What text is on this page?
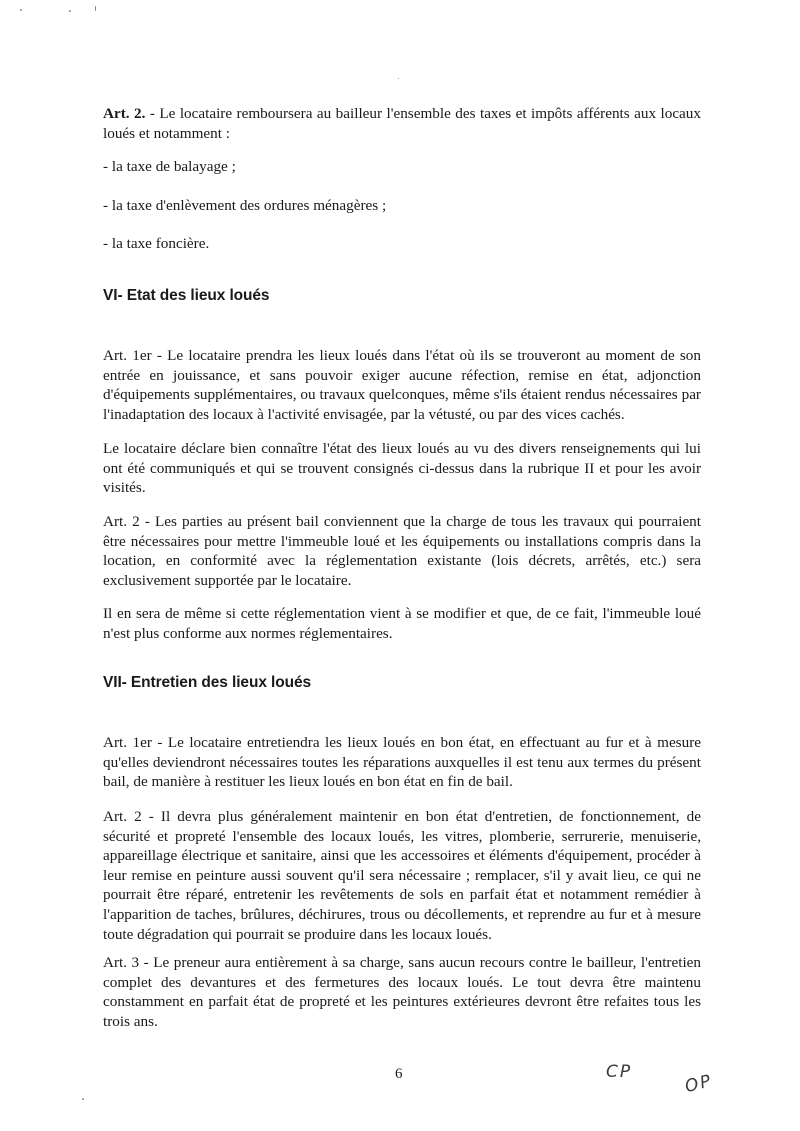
Art. 2. - Le locataire remboursera au bailleur l'ensemble des taxes et impôts afférents aux locaux loués et notamment :

- la taxe de balayage ;
- la taxe d'enlèvement des ordures ménagères ;
- la taxe foncière.
VI- Etat des lieux loués

Art. 1er - Le locataire prendra les lieux loués dans l'état où ils se trouveront au moment de son entrée en jouissance, et sans pouvoir exiger aucune réfection, remise en état, adjonction d'équipements supplémentaires, ou travaux quelconques, même s'ils étaient rendus nécessaires par l'inadaptation des locaux à l'activité envisagée, par la vétusté, ou par des vices cachés.

Le locataire déclare bien connaître l'état des lieux loués au vu des divers renseignements qui lui ont été communiqués et qui se trouvent consignés ci-dessus dans la rubrique II et pour les avoir visités.

Art. 2 - Les parties au présent bail conviennent que la charge de tous les travaux qui pourraient être nécessaires pour mettre l'immeuble loué et les équipements ou installations compris dans la location, en conformité avec la réglementation existante (lois décrets, arrêtés, etc.) sera exclusivement supportée par le locataire.

Il en sera de même si cette réglementation vient à se modifier et que, de ce fait, l'immeuble loué n'est plus conforme aux normes réglementaires.

VII- Entretien des lieux loués

Art. 1er - Le locataire entretiendra les lieux loués en bon état, en effectuant au fur et à mesure qu'elles deviendront nécessaires toutes les réparations auxquelles il est tenu aux termes du présent bail, de manière à restituer les lieux loués en bon état en fin de bail.

Art. 2 - Il devra plus généralement maintenir en bon état d'entretien, de fonctionnement, de sécurité et propreté l'ensemble des locaux loués, les vitres, plomberie, serrurerie, menuiserie, appareillage électrique et sanitaire, ainsi que les accessoires et éléments d'équipement, procéder à leur remise en peinture aussi souvent qu'il sera nécessaire ; remplacer, s'il y avait lieu, ce qui ne pourrait être réparé, entretenir les revêtements de sols en parfait état et notamment remédier à l'apparition de taches, brûlures, déchirures, trous ou décollements, et reprendre au fur et à mesure toute dégradation qui pourrait se produire dans les locaux loués.

Art. 3 - Le preneur aura entièrement à sa charge, sans aucun recours contre le bailleur, l'entretien complet des devantures et des fermetures des locaux loués. Le tout devra être maintenu constamment en parfait état de propreté et les peintures extérieures devront être refaites tous les trois ans.

6	CP	OP
